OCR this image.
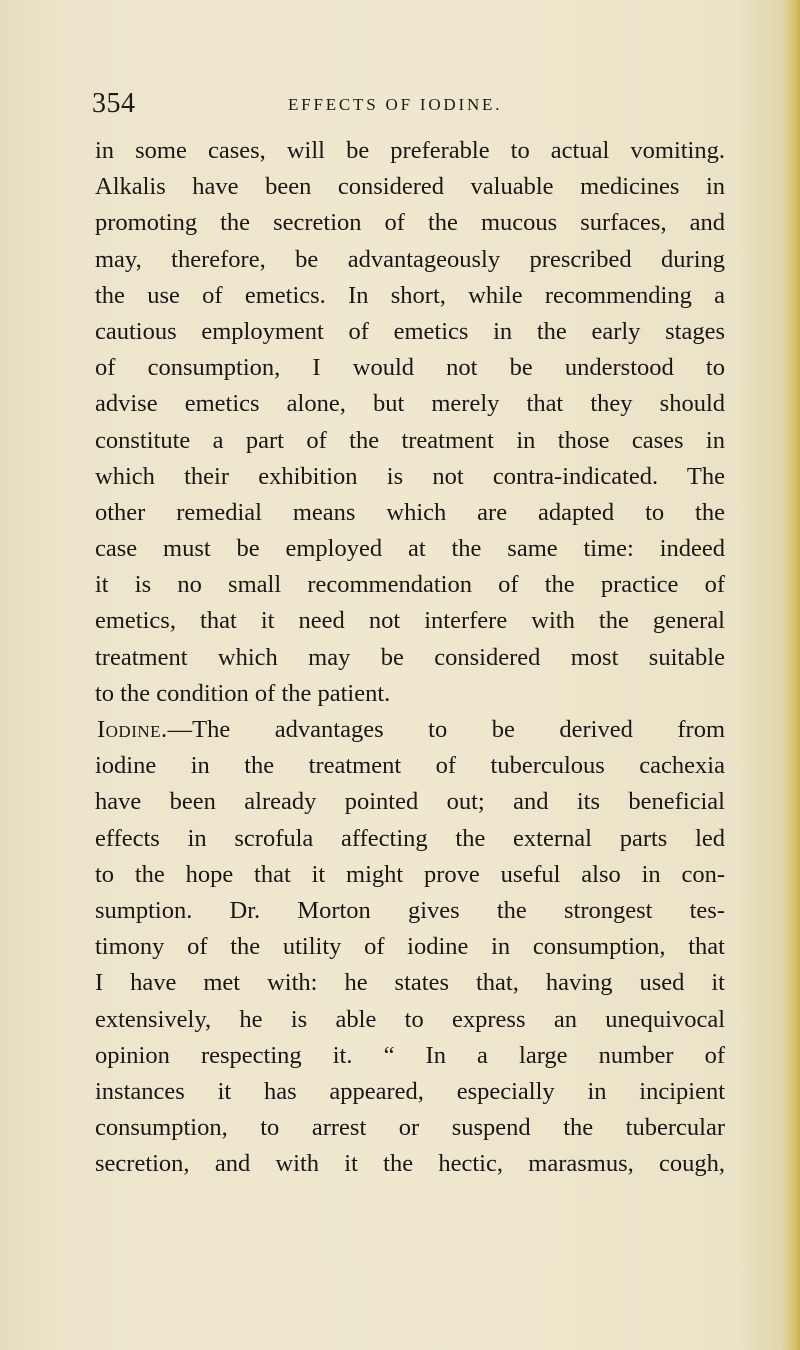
354	EFFECTS OF IODINE.
in some cases, will be preferable to actual vomiting.
Alkalis have been considered valuable medicines in
promoting the secretion of the mucous surfaces, and
may, therefore, be advantageously prescribed during
the use of emetics. In short, while recommending a
cautious employment of emetics in the early stages
of consumption, I would not be understood to
advise emetics alone, but merely that they should
constitute a part of the treatment in those cases in
which their exhibition is not contra-indicated. The
other remedial means which are adapted to the
case must be employed at the same time: indeed
it is no small recommendation of the practice of
emetics, that it need not interfere with the general
treatment which may be considered most suitable
to the condition of the patient.
Iodine.—The advantages to be derived from
iodine in the treatment of tuberculous cachexia
have been already pointed out; and its beneficial
effects in scrofula affecting the external parts led
to the hope that it might prove useful also in con-
sumption. Dr. Morton gives the strongest tes-
timony of the utility of iodine in consumption, that
I have met with: he states that, having used it
extensively, he is able to express an unequivocal
opinion respecting it. “ In a large number of
instances it has appeared, especially in incipient
consumption, to arrest or suspend the tubercular
secretion, and with it the hectic, marasmus, cough,
